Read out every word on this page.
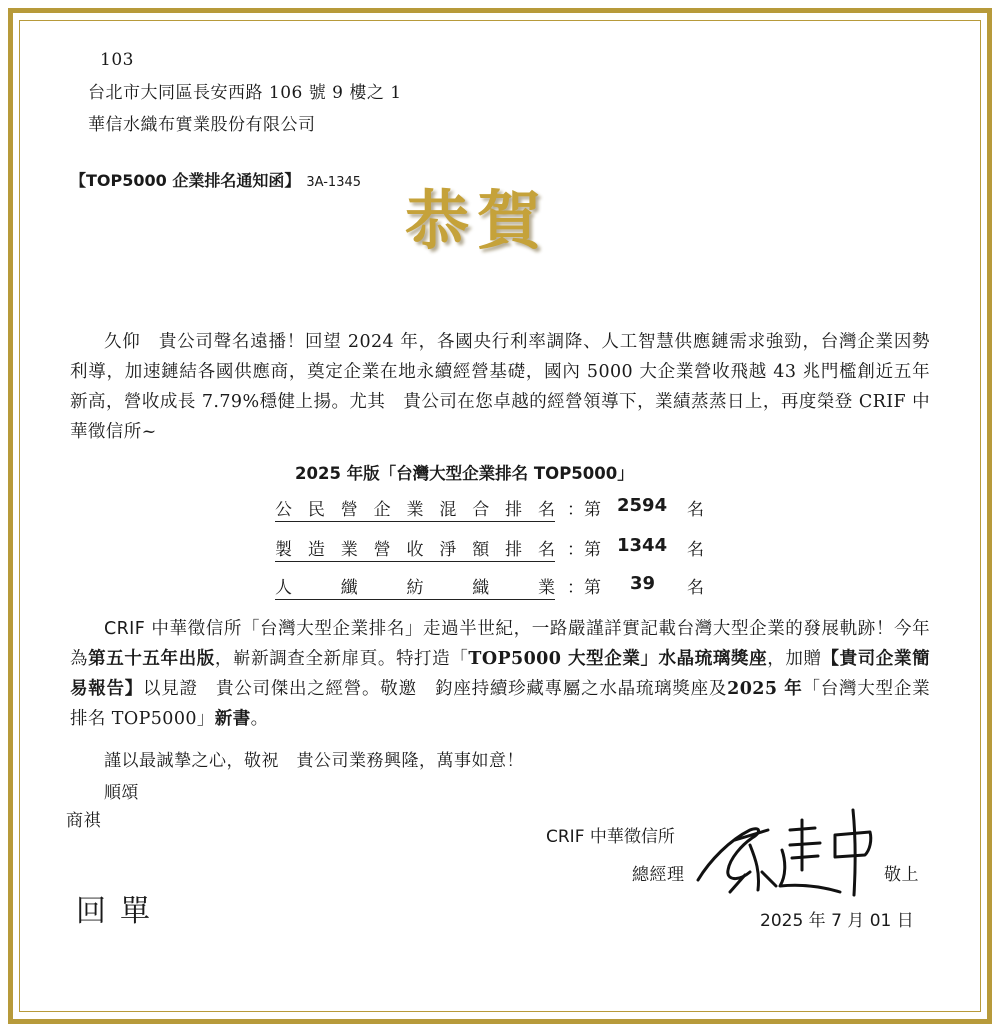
103
台北市大同區長安西路 106 號 9 樓之 1
華信水織布實業股份有限公司
【TOP5000 企業排名通知函】 3A-1345
恭賀

久仰　貴公司聲名遠播！回望 2024 年，各國央行利率調降、人工智慧供應鏈需求強勁，台灣企業因勢利導，加速鏈結各國供應商，奠定企業在地永續經營基礎，國內 5000 大企業營收飛越 43 兆門檻創近五年新高，營收成長 7.79%穩健上揚。尤其　貴公司在您卓越的經營領導下，業績蒸蒸日上，再度榮登 CRIF 中華徵信所~

2025 年版「台灣大型企業排名 TOP5000」
公 民 營 企 業 混 合 排 名 ：第 2594	名
製 造 業 營 收 淨 額 排 名 ：第 1344	名
人	纖	紡	織	業 ：第 39	名

CRIF 中華徵信所「台灣大型企業排名」走過半世紀，一路嚴謹詳實記載台灣大型企業的發展軌跡！今年為第五十五年出版，嶄新調查全新扉頁。特打造「TOP5000 大型企業」水晶琉璃獎座，加贈【貴司企業簡易報告】以見證　貴公司傑出之經營。敬邀　鈞座持續珍藏專屬之水晶琉璃獎座及2025 年「台灣大型企業排名 TOP5000」新書。

謹以最誠摯之心，敬祝　貴公司業務興隆，萬事如意！
順頌
商祺
CRIF 中華徵信所
總經理	敬上
回單	2025 年 7 月 01 日
